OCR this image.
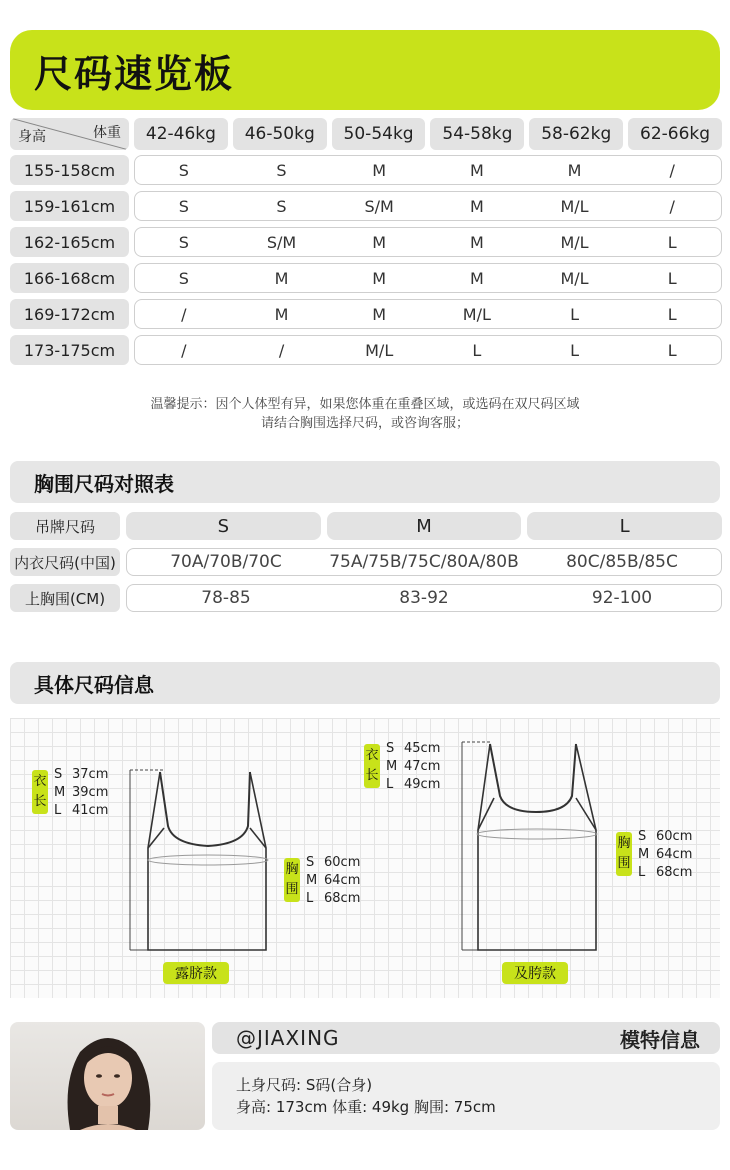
尺码速览板
身高	体重	42-46kg	46-50kg	50-54kg	54-58kg	58-62kg	62-66kg
155-158cm	S	S	M	M	M	/
159-161cm	S	S	S/M	M	M/L	/
162-165cm	S	S/M	M	M	M/L	L
166-168cm	S	M	M	M	M/L	L
169-172cm	/	M	M	M/L	L	L
173-175cm	/	/	M/L	L	L	L
温馨提示：因个人体型有异，如果您体重在重叠区域，或选码在双尺码区域
请结合胸围选择尺码，或咨询客服；
胸围尺码对照表
吊牌尺码	S	M	L
内衣尺码(中国)	70A/70B/70C	75A/75B/75C/80A/80B	80C/85B/85C
上胸围(CM)	78-85	83-92	92-100
具体尺码信息
衣
长
S 37cm
M 39cm
L 41cm
胸
围
S 60cm
M 64cm
L 68cm
露脐款
衣
长
S 45cm
M 47cm
L 49cm
胸
围
S 60cm
M 64cm
L 68cm
及胯款
@JIAXING	模特信息
上身尺码: S码(合身)
身高: 173cm 体重: 49kg 胸围: 75cm
